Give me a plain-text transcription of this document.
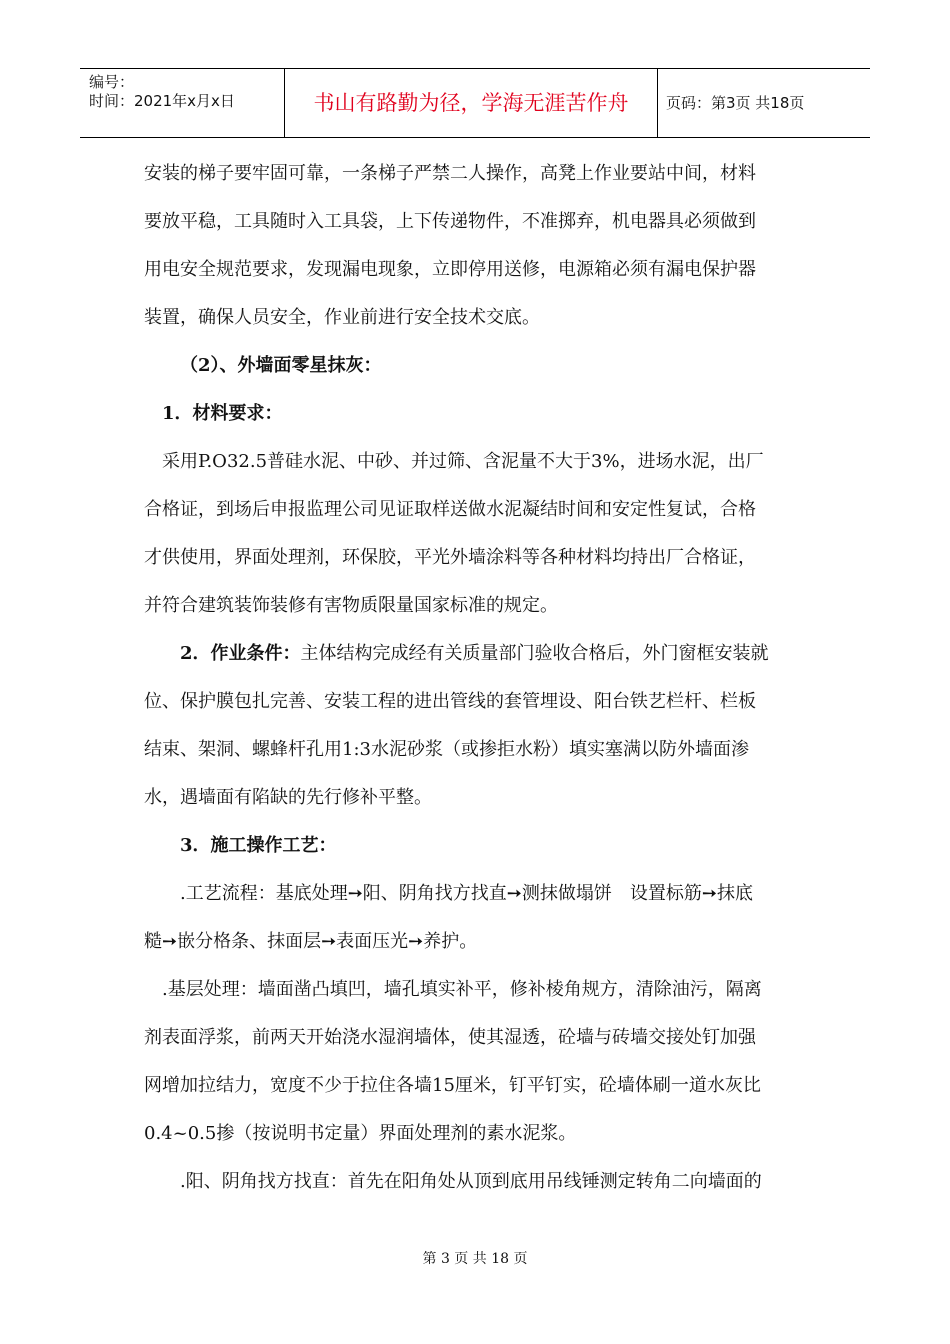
编号：
时间：2021年x月x日	书山有路勤为径，学海无涯苦作舟	页码：第3页 共18页

安装的梯子要牢固可靠，一条梯子严禁二人操作，高凳上作业要站中间，材料
要放平稳，工具随时入工具袋，上下传递物件，不准掷弃，机电器具必须做到
用电安全规范要求，发现漏电现象，立即停用送修，电源箱必须有漏电保护器
装置，确保人员安全，作业前进行安全技术交底。

（2）、外墙面零星抹灰：

1．材料要求：

采用P.O32.5普硅水泥、中砂、并过筛、含泥量不大于3%，进场水泥，出厂
合格证，到场后申报监理公司见证取样送做水泥凝结时间和安定性复试，合格
才供使用，界面处理剂，环保胶，平光外墙涂料等各种材料均持出厂合格证，
并符合建筑装饰装修有害物质限量国家标准的规定。

2．作业条件：主体结构完成经有关质量部门验收合格后，外门窗框安装就
位、保护膜包扎完善、安装工程的进出管线的套管埋设、阳台铁艺栏杆、栏板
结束、架洞、螺蜂杆孔用1:3水泥砂浆（或掺拒水粉）填实塞满以防外墙面渗
水，遇墙面有陷缺的先行修补平整。

3．施工操作工艺：

.工艺流程：基底处理➙阳、阴角找方找直➙测抹做塌饼　设置标筋➙抹底
糙➙嵌分格条、抹面层➙表面压光➙养护。

.基层处理：墙面凿凸填凹，墙孔填实补平，修补棱角规方，清除油污，隔离
剂表面浮浆，前两天开始浇水湿润墙体，使其湿透，砼墙与砖墙交接处钉加强
网增加拉结力，宽度不少于拉住各墙15厘米，钉平钉实，砼墙体刷一道水灰比
0.4~0.5掺（按说明书定量）界面处理剂的素水泥浆。

.阳、阴角找方找直：首先在阳角处从顶到底用吊线锤测定转角二向墙面的

第 3 页 共 18 页
